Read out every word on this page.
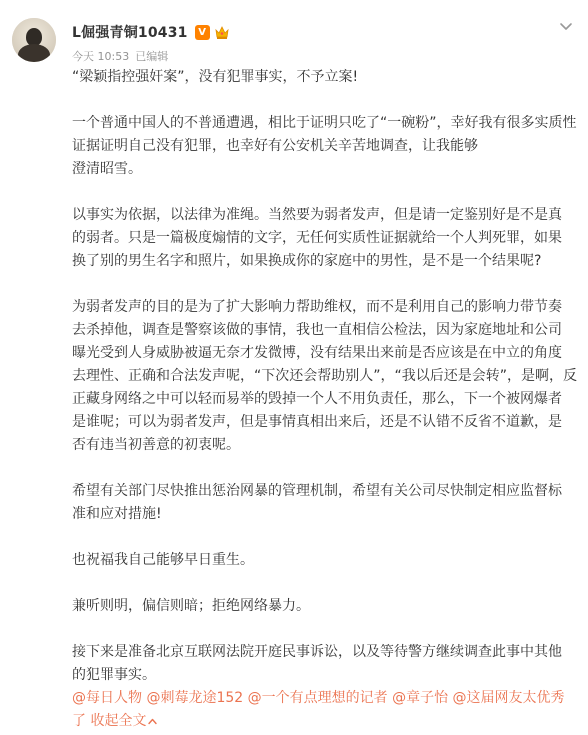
L倔强青铜10431	V
今天 10:53 已编辑
“梁颖指控强奸案”，没有犯罪事实，不予立案!
一个普通中国人的不普通遭遇，相比于证明只吃了“一碗粉”，幸好我有很多实质性
证据证明自己没有犯罪，也幸好有公安机关辛苦地调查，让我能够
澄清昭雪。
以事实为依据，以法律为准绳。当然要为弱者发声，但是请一定鉴别好是不是真
的弱者。只是一篇极度煽情的文字，无任何实质性证据就给一个人判死罪，如果
换了别的男生名字和照片，如果换成你的家庭中的男性，是不是一个结果呢?
为弱者发声的目的是为了扩大影响力帮助维权，而不是利用自己的影响力带节奏
去杀掉他，调查是警察该做的事情，我也一直相信公检法，因为家庭地址和公司
曝光受到人身威胁被逼无奈才发微博，没有结果出来前是否应该是在中立的角度
去理性、正确和合法发声呢，“下次还会帮助别人”，“我以后还是会转”，是啊，反
正藏身网络之中可以轻而易举的毁掉一个人不用负责任，那么，下一个被网爆者
是谁呢；可以为弱者发声，但是事情真相出来后，还是不认错不反省不道歉，是
否有违当初善意的初衷呢。
希望有关部门尽快推出惩治网暴的管理机制，希望有关公司尽快制定相应监督标
准和应对措施!
也祝福我自己能够早日重生。
兼听则明，偏信则暗；拒绝网络暴力。
接下来是准备北京互联网法院开庭民事诉讼，以及等待警方继续调查此事中其他
的犯罪事实。
@每日人物 @刺莓龙途152 @一个有点理想的记者 @章子怡 @这届网友太优秀
了 收起全文
